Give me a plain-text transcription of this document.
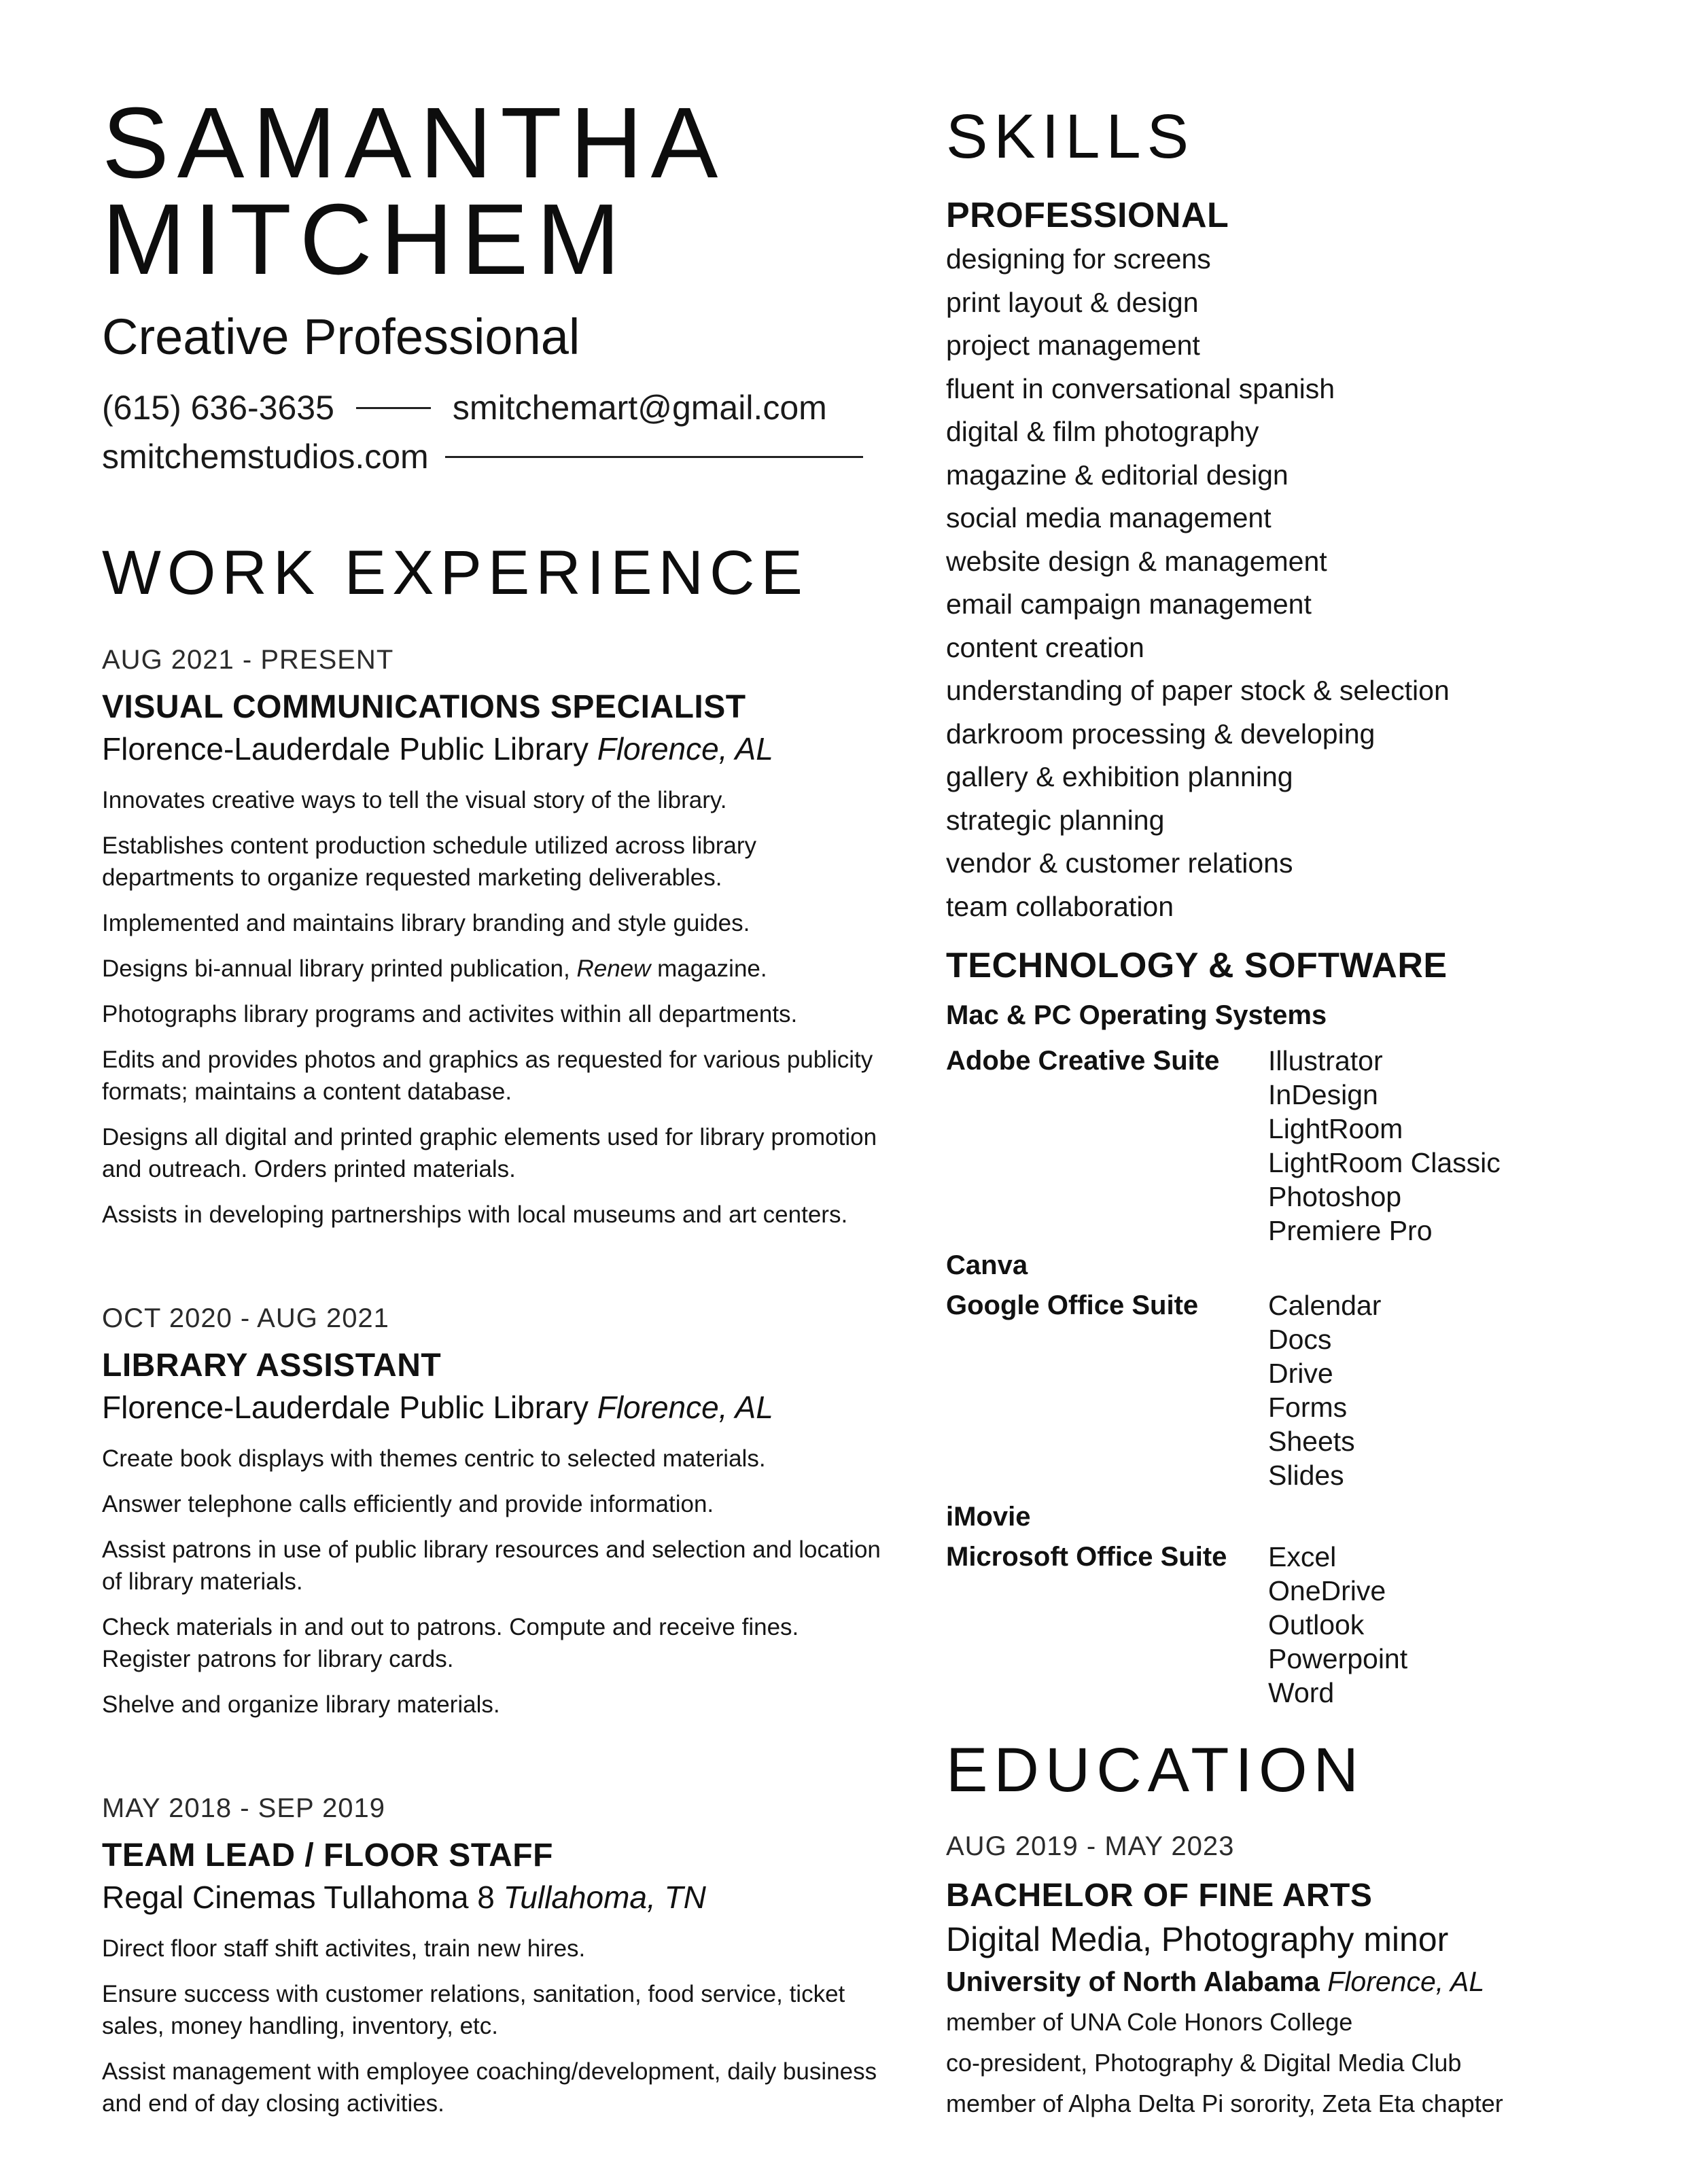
SAMANTHA
MITCHEM
Creative Professional
(615) 636-3635	smitchemart@gmail.com
smitchemstudios.com
WORK EXPERIENCE
AUG 2021 - PRESENT
VISUAL COMMUNICATIONS SPECIALIST
Florence-Lauderdale Public Library Florence, AL
Innovates creative ways to tell the visual story of the library.
Establishes content production schedule utilized across library departments to organize requested marketing deliverables.
Implemented and maintains library branding and style guides.
Designs bi-annual library printed publication, Renew magazine.
Photographs library programs and activites within all departments.
Edits and provides photos and graphics as requested for various publicity formats; maintains a content database.
Designs all digital and printed graphic elements used for library promotion and outreach. Orders printed materials.
Assists in developing partnerships with local museums and art centers.
OCT 2020 - AUG 2021
LIBRARY ASSISTANT
Florence-Lauderdale Public Library Florence, AL
Create book displays with themes centric to selected materials.
Answer telephone calls efficiently and provide information.
Assist patrons in use of public library resources and selection and location of library materials.
Check materials in and out to patrons. Compute and receive fines. Register patrons for library cards.
Shelve and organize library materials.
MAY 2018 - SEP 2019
TEAM LEAD / FLOOR STAFF
Regal Cinemas Tullahoma 8 Tullahoma, TN
Direct floor staff shift activites, train new hires.
Ensure success with customer relations, sanitation, food service, ticket sales, money handling, inventory, etc.
Assist management with employee coaching/development, daily business and end of day closing activities.
SKILLS
PROFESSIONAL
designing for screens
print layout & design
project management
fluent in conversational spanish
digital & film photography
magazine & editorial design
social media management
website design & management
email campaign management
content creation
understanding of paper stock & selection
darkroom processing & developing
gallery & exhibition planning
strategic planning
vendor & customer relations
team collaboration
TECHNOLOGY & SOFTWARE
Mac & PC Operating Systems
Adobe Creative Suite	Illustrator
InDesign
LightRoom
LightRoom Classic
Photoshop
Premiere Pro
Canva
Google Office Suite	Calendar
Docs
Drive
Forms
Sheets
Slides
iMovie
Microsoft Office Suite	Excel
OneDrive
Outlook
Powerpoint
Word
EDUCATION
AUG 2019 - MAY 2023
BACHELOR OF FINE ARTS
Digital Media, Photography minor
University of North Alabama Florence, AL
member of UNA Cole Honors College
co-president, Photography & Digital Media Club
member of Alpha Delta Pi sorority, Zeta Eta chapter
